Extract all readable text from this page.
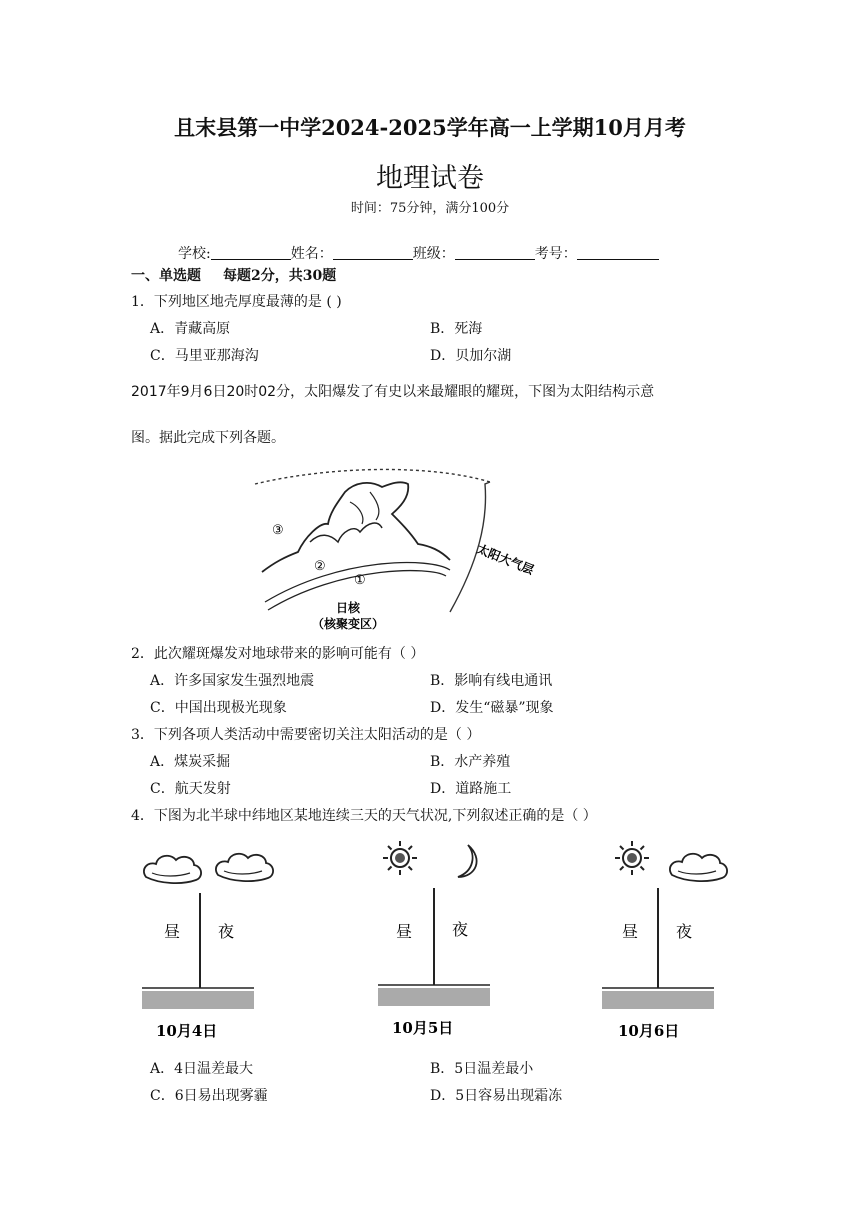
且末县第一中学2024-2025学年高一上学期10月月考
地理试卷
时间：75分钟，满分100分
学校:	姓名：	班级：	考号：
一、单选题 每题2分，共30题
1．下列地区地壳厚度最薄的是 ( )
A．青藏高原	B．死海
C．马里亚那海沟	D．贝加尔湖
2017年9月6日20时02分，太阳爆发了有史以来最耀眼的耀斑，下图为太阳结构示意
图。据此完成下列各题。
③
②
①
太阳大气层
日核
（核聚变区）
2．此次耀斑爆发对地球带来的影响可能有（ ）
A．许多国家发生强烈地震	B．影响有线电通讯
C．中国出现极光现象	D．发生“磁暴”现象
3．下列各项人类活动中需要密切关注太阳活动的是（ ）
A．煤炭采掘	B．水产养殖
C．航天发射	D．道路施工
4．下图为北半球中纬地区某地连续三天的天气状况,下列叙述正确的是（ ）
昼 夜
10月4日
昼 夜
10月5日
昼 夜
10月6日
A．4日温差最大	B．5日温差最小
C．6日易出现雾霾	D．5日容易出现霜冻
